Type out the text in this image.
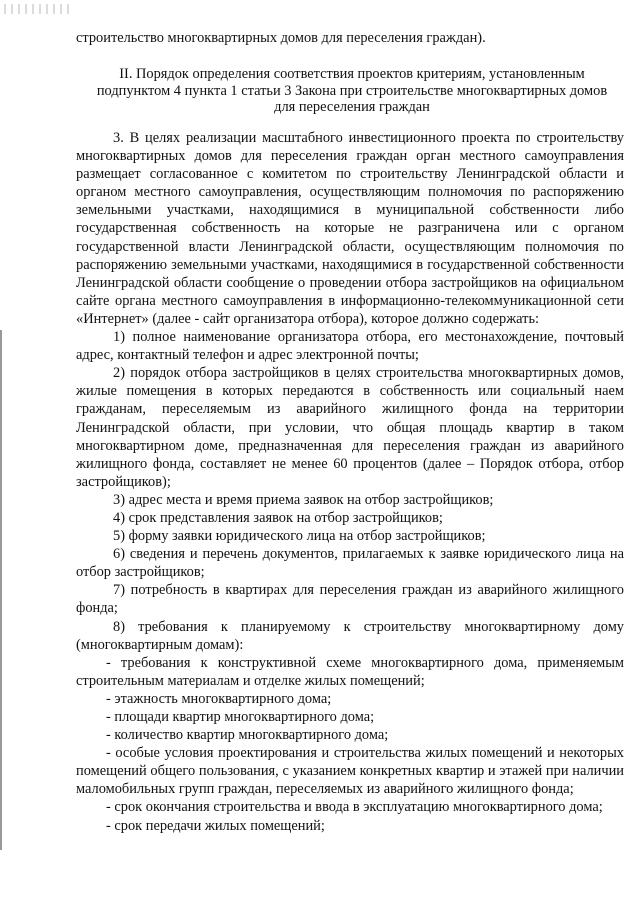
строительство многоквартирных домов для переселения граждан).
II. Порядок определения соответствия проектов критериям, установленным подпунктом 4 пункта 1 статьи 3 Закона при строительстве многоквартирных домов для переселения граждан

3. В целях реализации масштабного инвестиционного проекта по строительству многоквартирных домов для переселения граждан орган местного самоуправления размещает согласованное с комитетом по строительству Ленинградской области и органом местного самоуправления, осуществляющим полномочия по распоряжению земельными участками, находящимися в муниципальной собственности либо государственная собственность на которые не разграничена или с органом государственной власти Ленинградской области, осуществляющим полномочия по распоряжению земельными участками, находящимися в государственной собственности Ленинградской области сообщение о проведении отбора застройщиков на официальном сайте органа местного самоуправления в информационно-телекоммуникационной сети «Интернет» (далее - сайт организатора отбора), которое должно содержать:

1) полное наименование организатора отбора, его местонахождение, почтовый адрес, контактный телефон и адрес электронной почты;

2) порядок отбора застройщиков в целях строительства многоквартирных домов, жилые помещения в которых передаются в собственность или социальный наем гражданам, переселяемым из аварийного жилищного фонда на территории Ленинградской области, при условии, что общая площадь квартир в таком многоквартирном доме, предназначенная для переселения граждан из аварийного жилищного фонда, составляет не менее 60 процентов (далее – Порядок отбора, отбор застройщиков);

3) адрес места и время приема заявок на отбор застройщиков;

4) срок представления заявок на отбор застройщиков;

5) форму заявки юридического лица на отбор застройщиков;

6) сведения и перечень документов, прилагаемых к заявке юридического лица на отбор застройщиков;

7) потребность в квартирах для переселения граждан из аварийного жилищного фонда;

8) требования к планируемому к строительству многоквартирному дому (многоквартирным домам):

- требования к конструктивной схеме многоквартирного дома, применяемым строительным материалам и отделке жилых помещений;

- этажность многоквартирного дома;

- площади квартир многоквартирного дома;

- количество квартир многоквартирного дома;

- особые условия проектирования и строительства жилых помещений и некоторых помещений общего пользования, с указанием конкретных квартир и этажей при наличии маломобильных групп граждан, переселяемых из аварийного жилищного фонда;

- срок окончания строительства и ввода в эксплуатацию многоквартирного дома;

- срок передачи жилых помещений;
